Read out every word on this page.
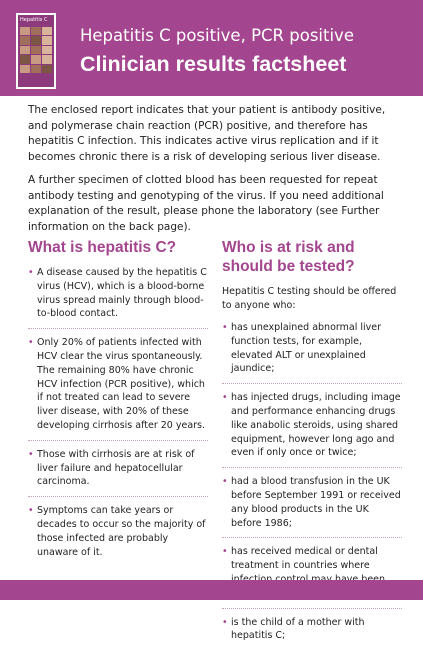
Hepatitis C
Hepatitis C positive, PCR positive
Clinician results factsheet

The enclosed report indicates that your patient is antibody positive, and polymerase chain reaction (PCR) positive, and therefore has hepatitis C infection. This indicates active virus replication and if it becomes chronic there is a risk of developing serious liver disease.

A further specimen of clotted blood has been requested for repeat antibody testing and genotyping of the virus. If you need additional explanation of the result, please phone the laboratory (see Further information on the back page).

What is hepatitis C?
• A disease caused by the hepatitis C virus (HCV), which is a blood-borne virus spread mainly through blood-to-blood contact.
• Only 20% of patients infected with HCV clear the virus spontaneously. The remaining 80% have chronic HCV infection (PCR positive), which if not treated can lead to severe liver disease, with 20% of these developing cirrhosis after 20 years.
• Those with cirrhosis are at risk of liver failure and hepatocellular carcinoma.
• Symptoms can take years or decades to occur so the majority of those infected are probably unaware of it.
Who is at risk and should be tested?

Hepatitis C testing should be offered to anyone who:

• has unexplained abnormal liver function tests, for example, elevated ALT or unexplained jaundice;
• has injected drugs, including image and performance enhancing drugs like anabolic steroids, using shared equipment, however long ago and even if only once or twice;
• had a blood transfusion in the UK before September 1991 or received any blood products in the UK before 1986;
• has received medical or dental treatment in countries where
• is the child of a mother with hepatitis C;
